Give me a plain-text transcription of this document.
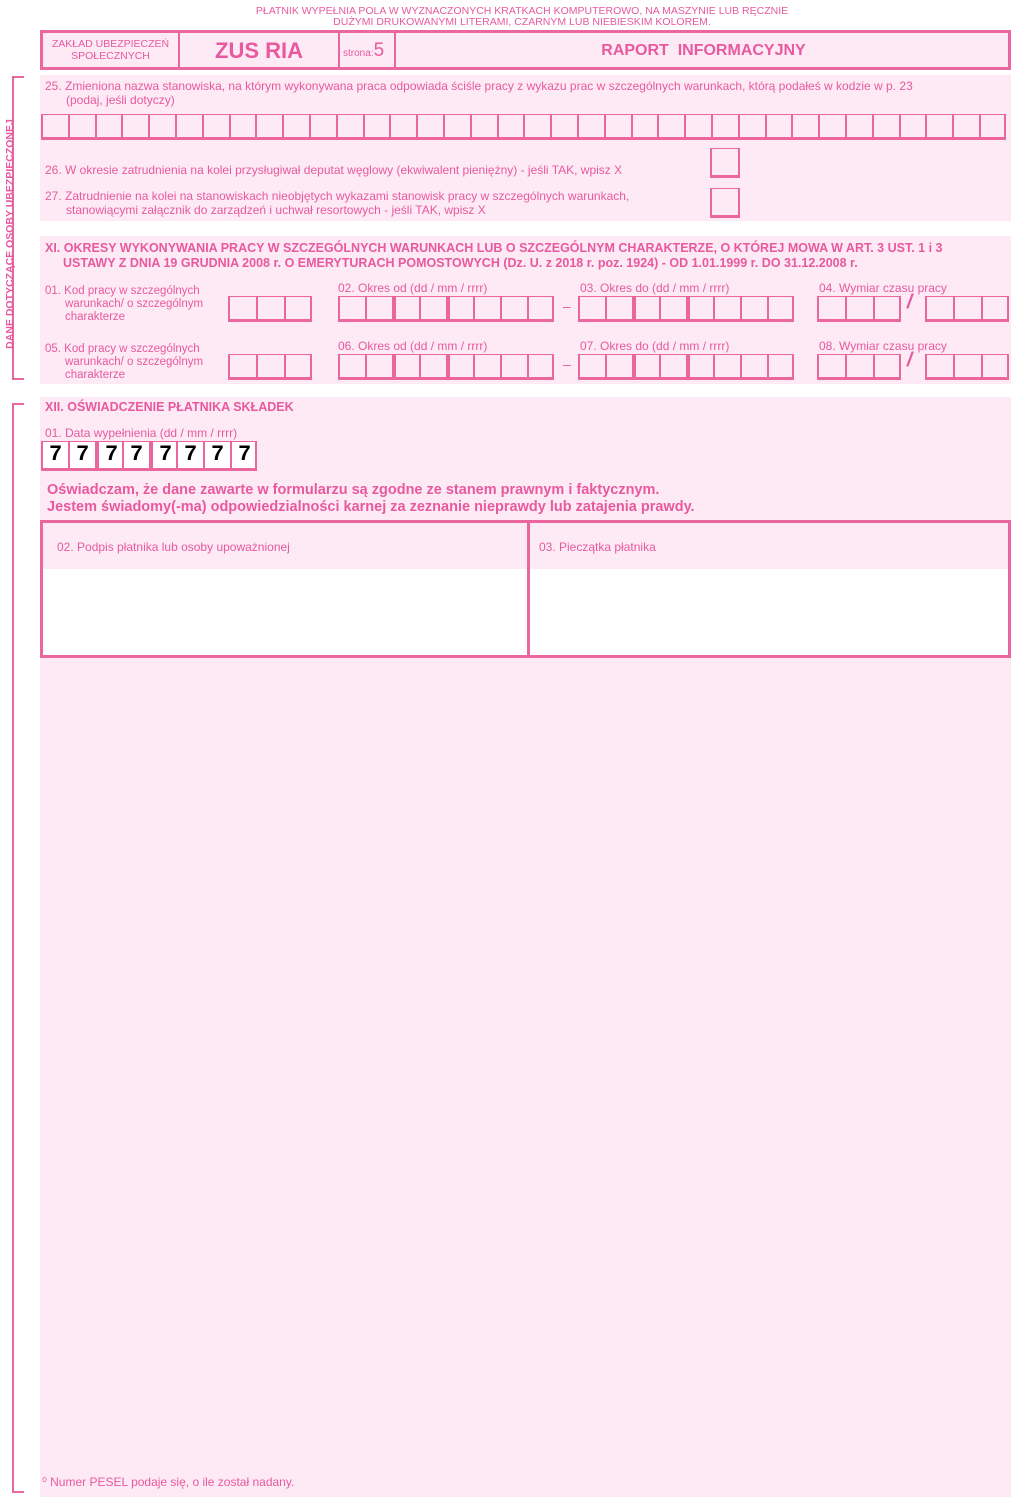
PŁATNIK WYPEŁNIA POLA W WYZNACZONYCH KRATKACH KOMPUTEROWO, NA MASZYNIE LUB RĘCZNIE
DUŻYMI DRUKOWANYMI LITERAMI, CZARNYM LUB NIEBIESKIM KOLOREM.
ZAKŁAD UBEZPIECZEŃ
SPOŁECZNYCH	ZUS RIA	strona:5	RAPORT  INFORMACYJNY
DANE DOTYCZĄCE OSOBY UBEZPIECZONEJ
25. Zmieniona nazwa stanowiska, na którym wykonywana praca odpowiada ściśle pracy z wykazu prac w szczególnych warunkach, którą podałeś w kodzie w p. 23
(podaj, jeśli dotyczy)
26. W okresie zatrudnienia na kolei przysługiwał deputat węglowy (ekwiwalent pieniężny) - jeśli TAK, wpisz X
27. Zatrudnienie na kolei na stanowiskach nieobjętych wykazami stanowisk pracy w szczególnych warunkach,
stanowiącymi załącznik do zarządzeń i uchwał resortowych - jeśli TAK, wpisz X
XI. OKRESY WYKONYWANIA PRACY W SZCZEGÓLNYCH WARUNKACH LUB O SZCZEGÓLNYM CHARAKTERZE, O KTÓREJ MOWA W ART. 3 UST. 1 i 3
USTAWY Z DNIA 19 GRUDNIA 2008 r. O EMERYTURACH POMOSTOWYCH (Dz. U. z 2018 r. poz. 1924) - OD 1.01.1999 r. DO 31.12.2008 r.
01. Kod pracy w szczególnych
warunkach/ o szczególnym
charakterze
02. Okres od (dd / mm / rrrr)	03. Okres do (dd / mm / rrrr)	04. Wymiar czasu pracy
–	/
05. Kod pracy w szczególnych
warunkach/ o szczególnym
charakterze
06. Okres od (dd / mm / rrrr)	07. Okres do (dd / mm / rrrr)	08. Wymiar czasu pracy
–	/
XII. OŚWIADCZENIE PŁATNIKA SKŁADEK
01. Data wypełnienia (dd / mm / rrrr)
7 7 7 7 7 7 7 7
Oświadczam, że dane zawarte w formularzu są zgodne ze stanem prawnym i faktycznym.
Jestem świadomy(-ma) odpowiedzialności karnej za zeznanie nieprawdy lub zatajenia prawdy.
02. Podpis płatnika lub osoby upoważnionej	03. Pieczątka płatnika
⁰ Numer PESEL podaje się, o ile został nadany.
